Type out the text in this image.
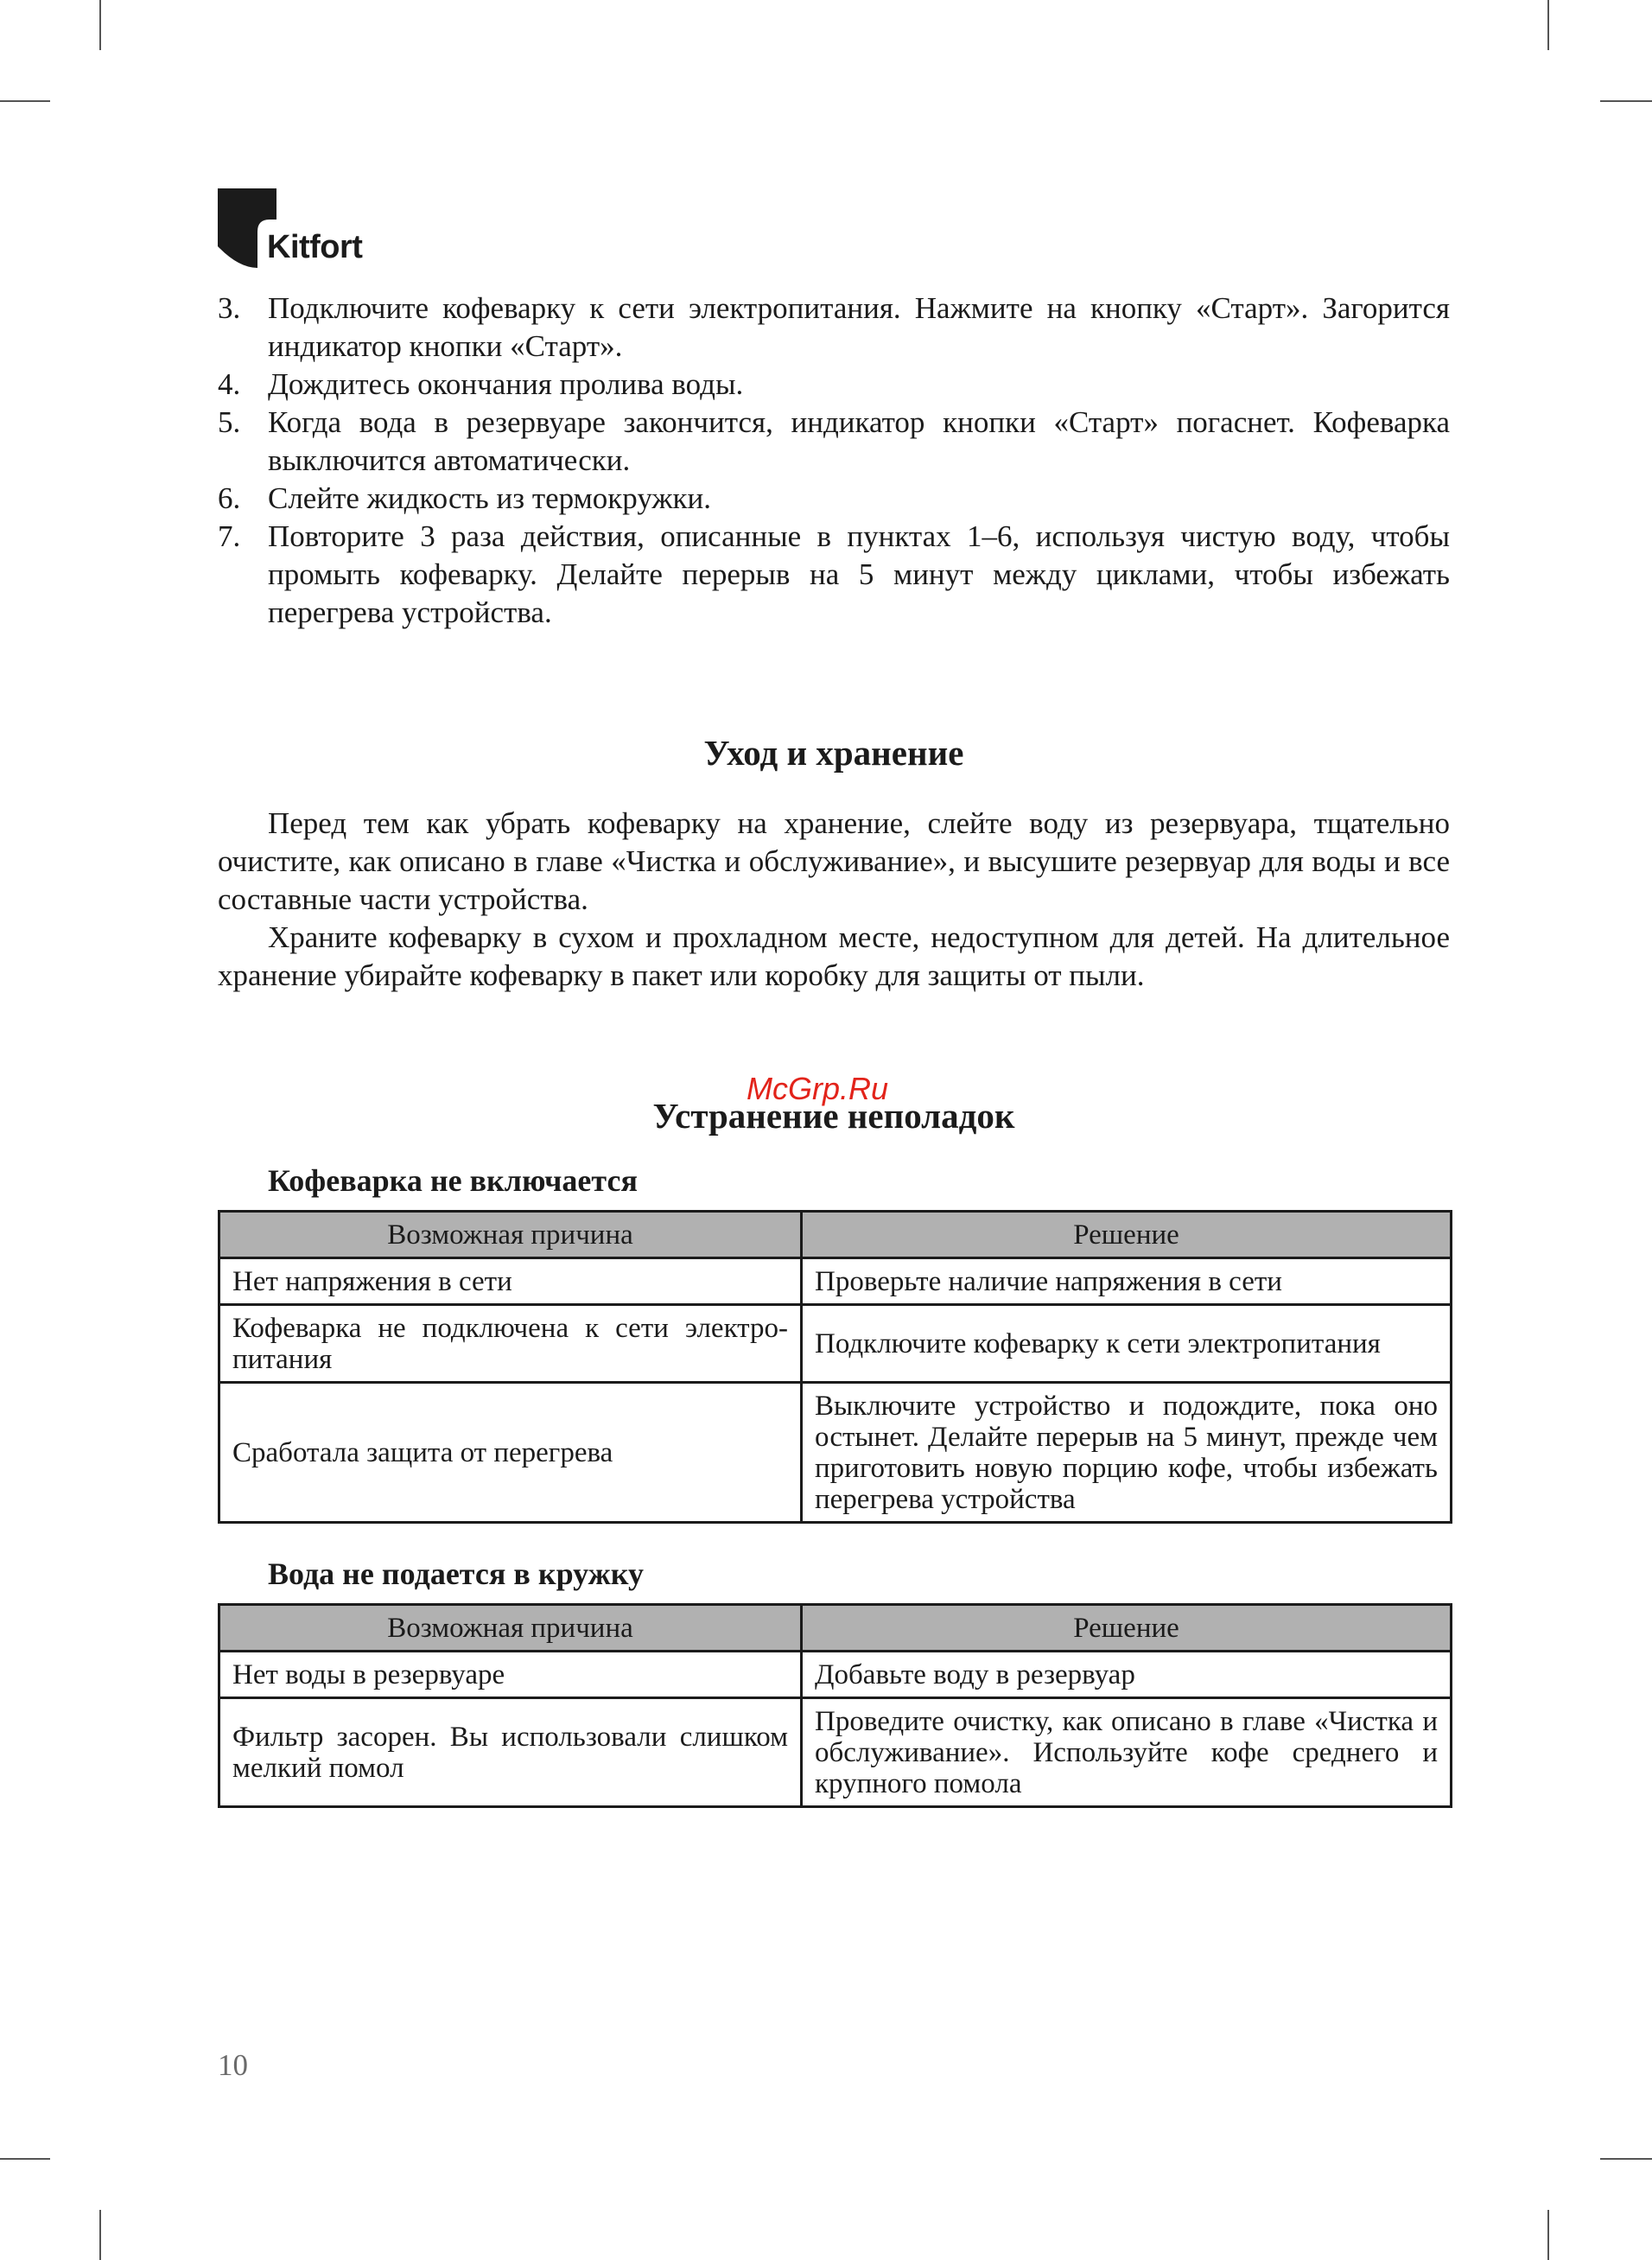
Kitfort
3. Подключите кофеварку к сети электропитания. Нажмите на кнопку «Старт». Загорится индикатор кнопки «Старт».
4. Дождитесь окончания пролива воды.
5. Когда вода в резервуаре закончится, индикатор кнопки «Старт» погаснет. Кофеварка выключится автоматически.
6. Слейте жидкость из термокружки.
7. Повторите 3 раза действия, описанные в пунктах 1–6, используя чистую воду, чтобы промыть кофеварку. Делайте перерыв на 5 минут между циклами, чтобы избежать перегрева устройства.
Уход и хранение

Перед тем как убрать кофеварку на хранение, слейте воду из резервуара, тщательно очистите, как описано в главе «Чистка и обслуживание», и высушите резервуар для воды и все составные части устройства.

Храните кофеварку в сухом и прохладном месте, недоступном для детей. На длительное хранение убирайте кофеварку в пакет или коробку для защиты от пыли.

Устранение неполадок
McGrp.Ru
Кофеварка не включается
Возможная причина	Решение
Нет напряжения в сети	Проверьте наличие напряжения в сети
Кофеварка не подключена к сети электропитания	Подключите кофеварку к сети электропитания
Сработала защита от перегрева	Выключите устройство и подождите, пока оно остынет. Делайте перерыв на 5 минут, прежде чем приготовить новую порцию кофе, чтобы избежать перегрева устройства
Вода не подается в кружку
Возможная причина	Решение
Нет воды в резервуаре	Добавьте воду в резервуар
Фильтр засорен. Вы использовали слишком мелкий помол	Проведите очистку, как описано в главе «Чистка и обслуживание». Используйте кофе среднего и крупного помола
10
